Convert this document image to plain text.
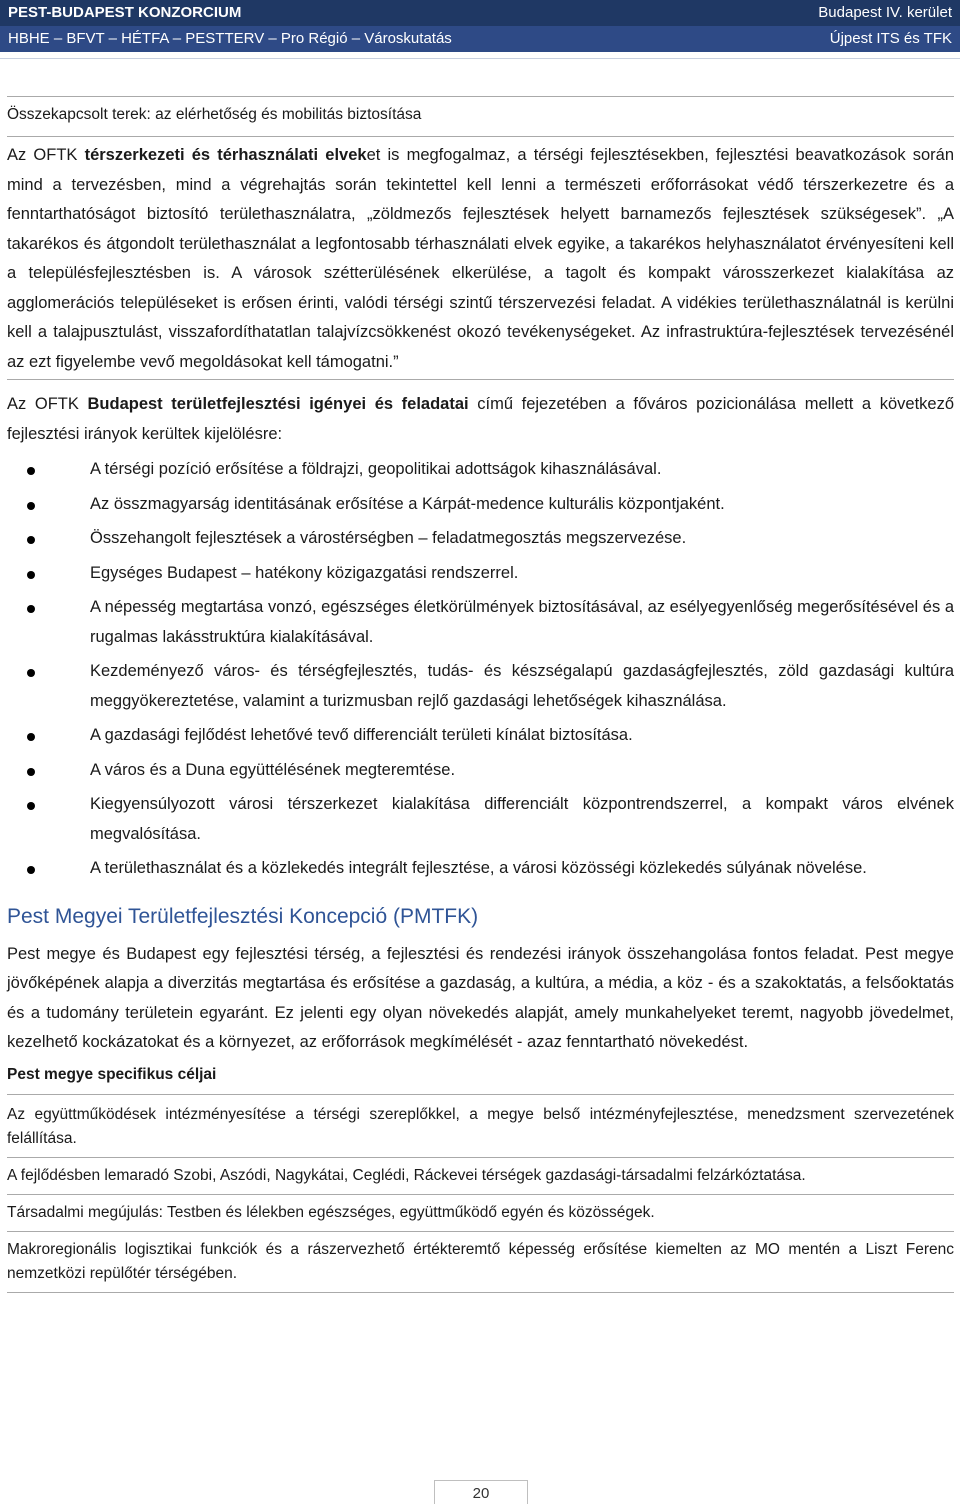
PEST-BUDAPEST KONZORCIUM	Budapest IV. kerület
HBHE – BFVT – HÉTFA – PESTTERV – Pro Régió – Városkutatás	Újpest ITS és TFK
Összekapcsolt terek: az elérhetőség és mobilitás biztosítása
Az OFTK térszerkezeti és térhasználati elveket is megfogalmaz, a térségi fejlesztésekben, fejlesztési beavatkozások során mind a tervezésben, mind a végrehajtás során tekintettel kell lenni a természeti erőforrásokat védő térszerkezetre és a fenntarthatóságot biztosító területhasználatra, „zöldmezős fejlesztések helyett barnamezős fejlesztések szükségesek”. „A takarékos és átgondolt területhasználat a legfontosabb térhasználati elvek egyike, a takarékos helyhasználatot érvényesíteni kell a településfejlesztésben is. A városok szétterülésének elkerülése, a tagolt és kompakt városszerkezet kialakítása az agglomerációs településeket is erősen érinti, valódi térségi szintű térszervezési feladat. A vidékies területhasználatnál is kerülni kell a talajpusztulást, visszafordíthatatlan talajvízcsökkenést okozó tevékenységeket. Az infrastruktúra-fejlesztések tervezésénél az ezt figyelembe vevő megoldásokat kell támogatni.”

Az OFTK Budapest területfejlesztési igényei és feladatai című fejezetében a főváros pozicionálása mellett a következő fejlesztési irányok kerültek kijelölésre:

A térségi pozíció erősítése a földrajzi, geopolitikai adottságok kihasználásával.
Az összmagyarság identitásának erősítése a Kárpát-medence kulturális központjaként.
Összehangolt fejlesztések a várostérségben – feladatmegosztás megszervezése.
Egységes Budapest – hatékony közigazgatási rendszerrel.
A népesség megtartása vonzó, egészséges életkörülmények biztosításával, az esélyegyenlőség megerősítésével és a rugalmas lakásstruktúra kialakításával.
Kezdeményező város- és térségfejlesztés, tudás- és készségalapú gazdaságfejlesztés, zöld gazdasági kultúra meggyökereztetése, valamint a turizmusban rejlő gazdasági lehetőségek kihasználása.
A gazdasági fejlődést lehetővé tevő differenciált területi kínálat biztosítása.
A város és a Duna együttélésének megteremtése.
Kiegyensúlyozott városi térszerkezet kialakítása differenciált központrendszerrel, a kompakt város elvének megvalósítása.
A területhasználat és a közlekedés integrált fejlesztése, a városi közösségi közlekedés súlyának növelése.
Pest Megyei Területfejlesztési Koncepció (PMTFK)

Pest megye és Budapest egy fejlesztési térség, a fejlesztési és rendezési irányok összehangolása fontos feladat. Pest megye jövőképének alapja a diverzitás megtartása és erősítése a gazdaság, a kultúra, a média, a köz - és a szakoktatás, a felsőoktatás és a tudomány területein egyaránt. Ez jelenti egy olyan növekedés alapját, amely munkahelyeket teremt, nagyobb jövedelmet, kezelhető kockázatokat és a környezet, az erőforrások megkímélését - azaz fenntartható növekedést.

Pest megye specifikus céljai

Az együttműködések intézményesítése a térségi szereplőkkel, a megye belső intézményfejlesztése, menedzsment szervezetének felállítása.

A fejlődésben lemaradó Szobi, Aszódi, Nagykátai, Ceglédi, Ráckevei térségek gazdasági-társadalmi felzárkóztatása.

Társadalmi megújulás: Testben és lélekben egészséges, együttműködő egyén és közösségek.

Makroregionális logisztikai funkciók és a rászervezhető értékteremtő képesség erősítése kiemelten az MO mentén a Liszt Ferenc nemzetközi repülőtér térségében.

20
